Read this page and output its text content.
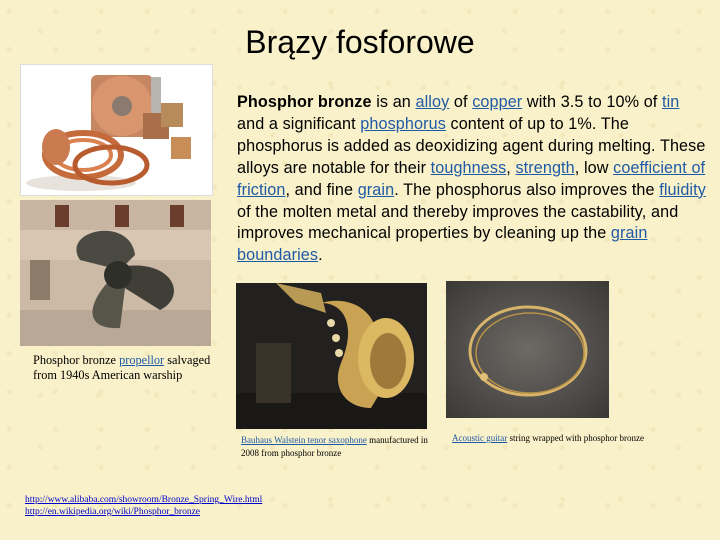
Brązy fosforowe
Phosphor bronze propellor salvaged from 1940s American warship
Phosphor bronze is an alloy of copper with 3.5 to 10% of tin and a significant phosphorus content of up to 1%. The phosphorus is added as deoxidizing agent during melting. These alloys are notable for their toughness, strength, low coefficient of friction, and fine grain. The phosphorus also improves the fluidity of the molten metal and thereby improves the castability, and improves mechanical properties by cleaning up the grain boundaries.
Bauhaus Walstein tenor saxophone manufactured in 2008 from phosphor bronze
Acoustic guitar string wrapped with phosphor bronze
http://www.alibaba.com/showroom/Bronze_Spring_Wire.html
http://en.wikipedia.org/wiki/Phosphor_bronze
